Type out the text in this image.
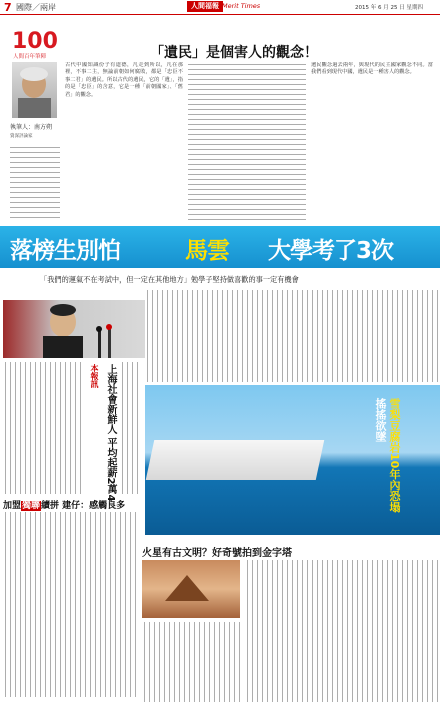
7 國際／兩岸	人間福報 Merit Times	2015 年 6 月 25 日 星期四
100
人間百年筆陣
執筆人：南方朔
資深評論家
「遺民」是個害人的觀念！
古代中國知識份子有道德，凡走到所以，凡在那裡，不事二主，無論前朝如何腐敗，都是「忠臣不事二君」的遺民。所以古代的遺民，它的「遺」，指的是「忠臣」的含意，它是一種「前朝國家」、「舊君」的觀念。
遺民觀念過去兩年，與現代的民主國家觀念不同。當我們看到現代中國，遺民是一種害人的觀念。
落榜生別怕	馬雲 大學考了3次
「我們的運氣不在考試中，但一定在其他地方」勉學子堅持做喜歡的事一定有機會
上海社會新鮮人 平均起薪2萬4
本報訊
加盟獨聯續拼 建仔：感觸良多
搖搖欲墜 雪梨豆腐岩10年內恐塌
火星有古文明？好奇號拍到金字塔
